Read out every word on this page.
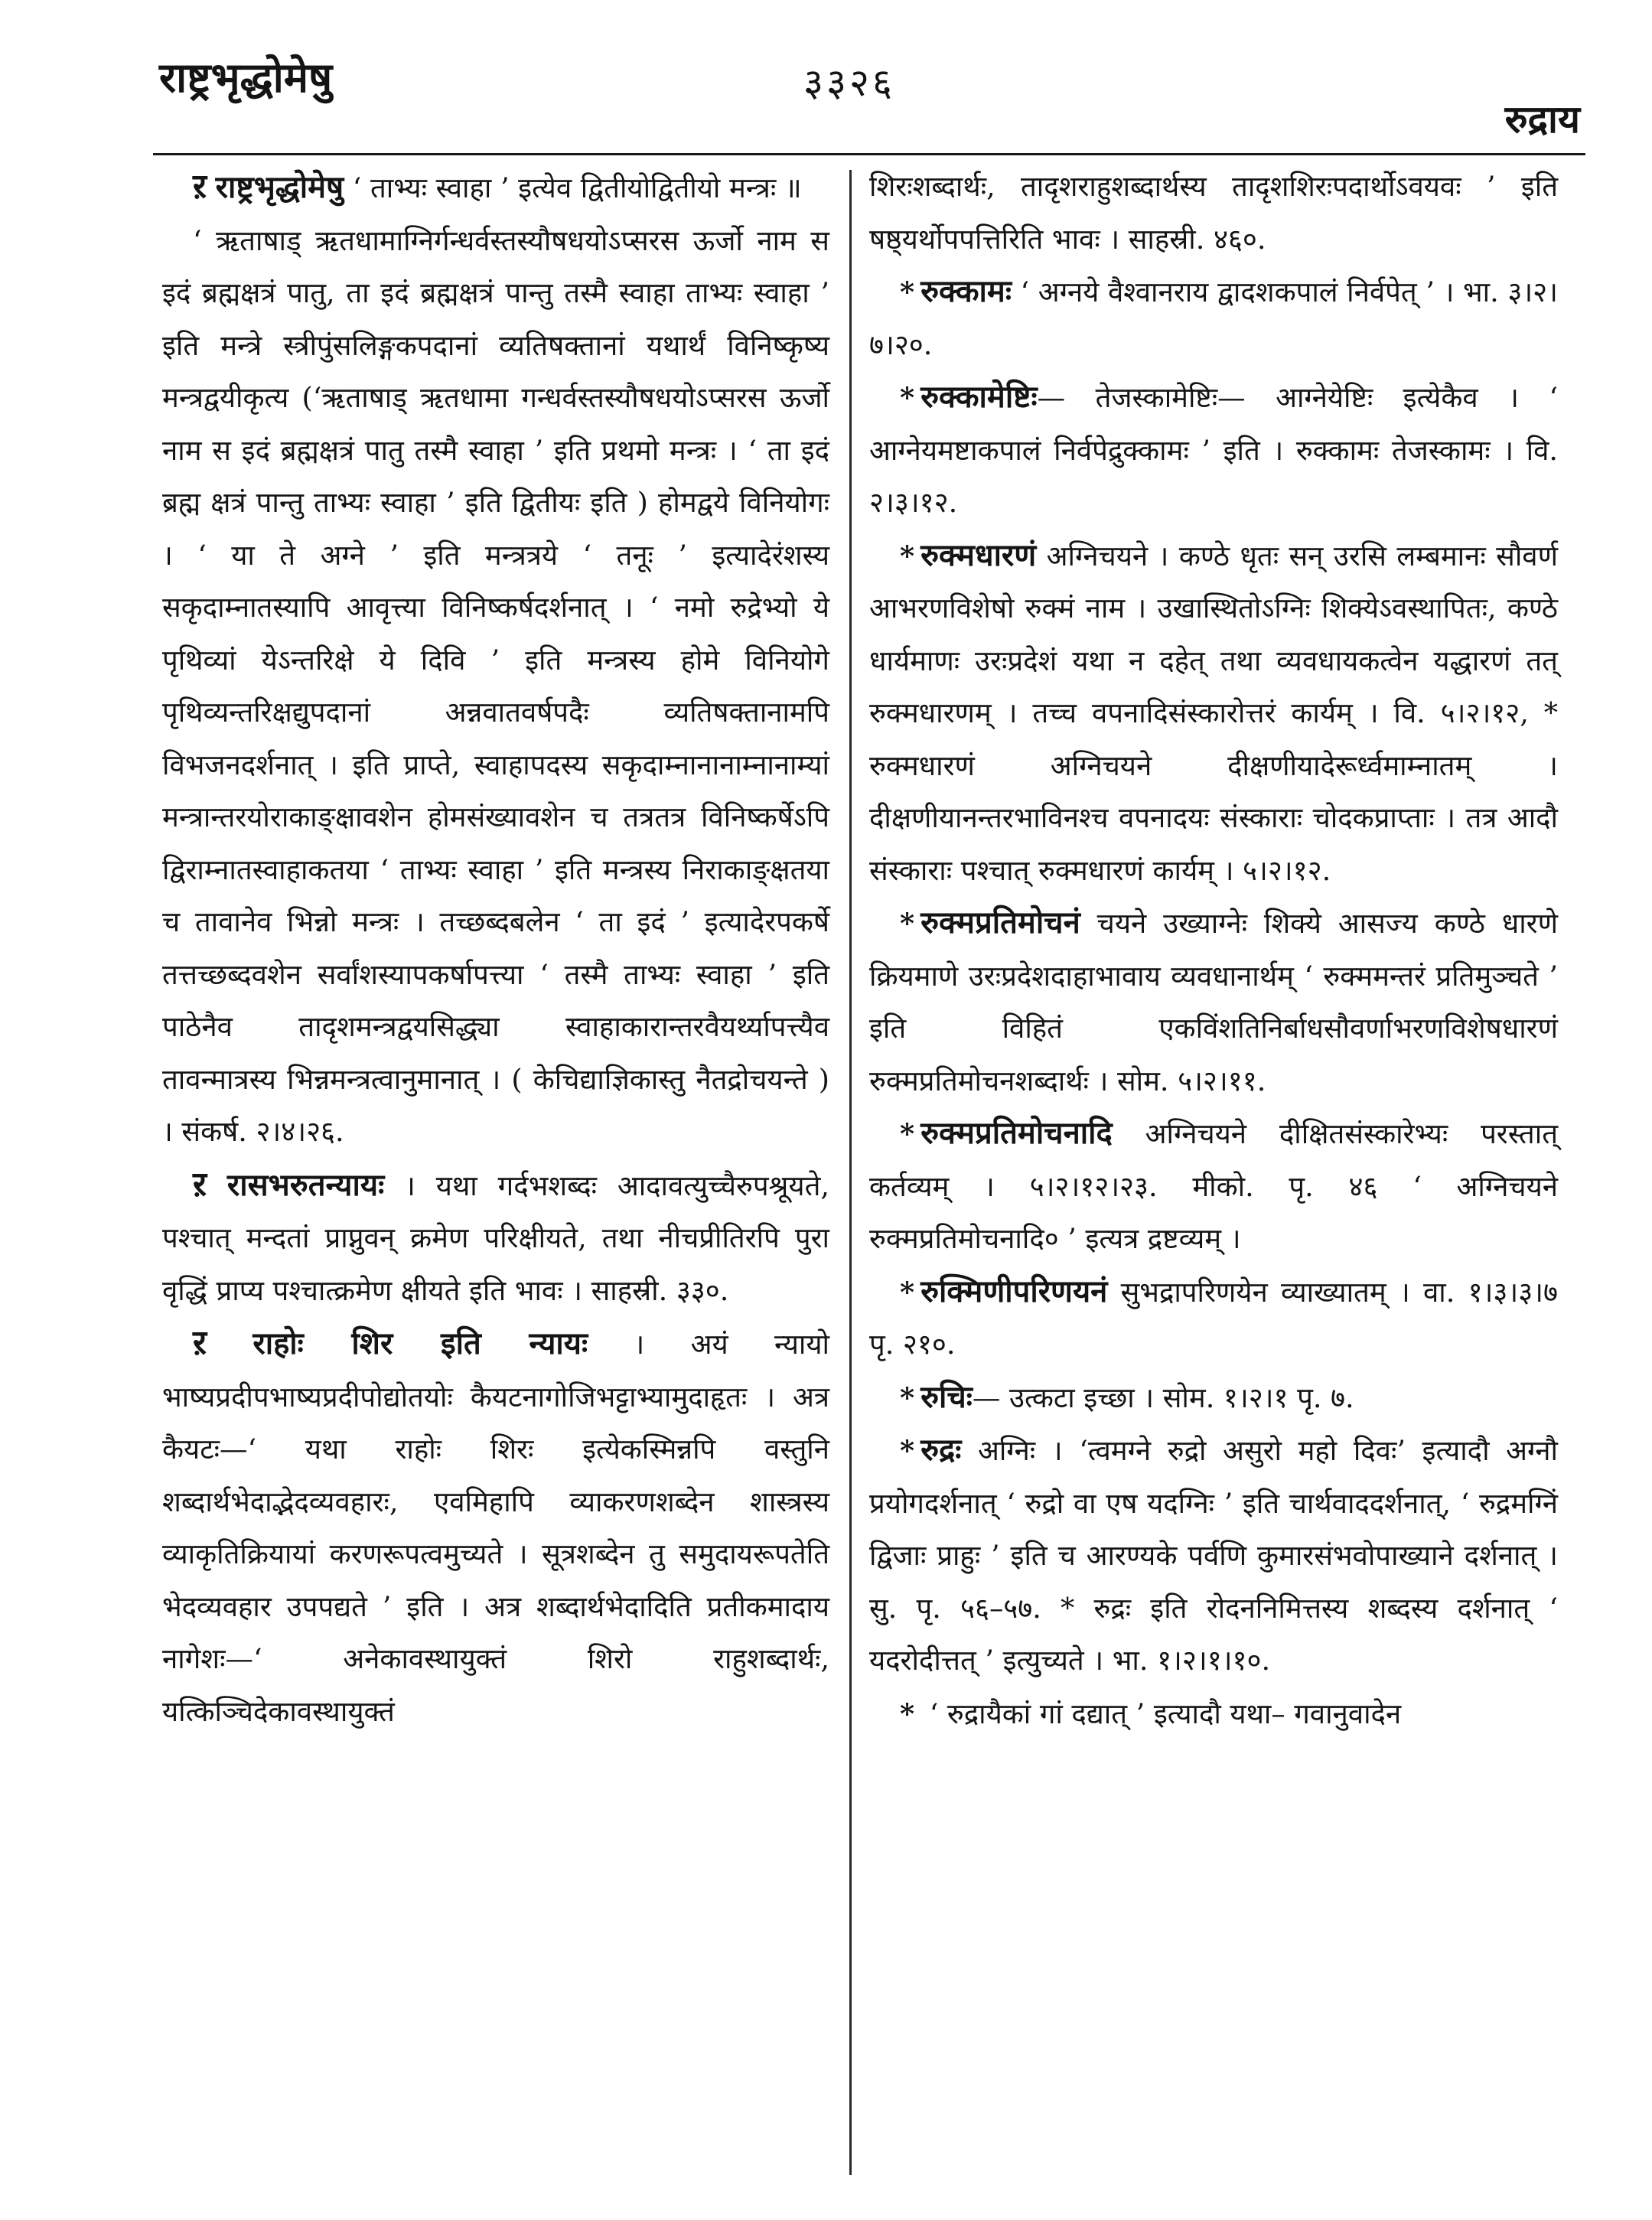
राष्ट्रभृद्धोमेषु	३३२६
रुद्राय

ऱ राष्ट्रभृद्धोमेषु ‘ ताभ्यः स्वाहा ’ इत्येव द्वितीयोद्वितीयो मन्त्रः ॥

‘ ऋताषाड् ऋतधामाग्निर्गन्धर्वस्तस्यौषधयोऽप्सरस ऊर्जो नाम स इदं ब्रह्मक्षत्रं पातु, ता इदं ब्रह्मक्षत्रं पान्तु तस्मै स्वाहा ताभ्यः स्वाहा ’ इति मन्त्रे स्त्रीपुंसलिङ्गकपदानां व्यतिषक्तानां यथार्थं विनिष्कृष्य मन्त्रद्वयीकृत्य (‘ऋताषाड् ऋतधामा गन्धर्वस्तस्यौषधयोऽप्सरस ऊर्जो नाम स इदं ब्रह्मक्षत्रं पातु तस्मै स्वाहा ’ इति प्रथमो मन्त्रः । ‘ ता इदं ब्रह्म क्षत्रं पान्तु ताभ्यः स्वाहा ’ इति द्वितीयः इति ) होमद्वये विनियोगः । ‘ या ते अग्ने ’ इति मन्त्रत्रये ‘ तनूः ’ इत्यादेरंशस्य सकृदाम्नातस्यापि आवृत्त्या विनिष्कर्षदर्शनात् । ‘ नमो रुद्रेभ्यो ये पृथिव्यां येऽन्तरिक्षे ये दिवि ’ इति मन्त्रस्य होमे विनियोगे पृथिव्यन्तरिक्षद्युपदानां अन्नवातवर्षपदैः व्यतिषक्तानामपि विभजनदर्शनात् । इति प्राप्ते, स्वाहापदस्य सकृदाम्नानानाम्नानाम्यां मन्त्रान्तरयोराकाङ्क्षावशेन होमसंख्यावशेन च तत्रतत्र विनिष्कर्षेऽपि द्विराम्नातस्वाहाकतया ‘ ताभ्यः स्वाहा ’ इति मन्त्रस्य निराकाङ्क्षतया च तावानेव भिन्नो मन्त्रः । तच्छब्दबलेन ‘ ता इदं ’ इत्यादेरपकर्षे तत्तच्छब्दवशेन सर्वांशस्यापकर्षापत्त्या ‘ तस्मै ताभ्यः स्वाहा ’ इति पाठेनैव तादृशमन्त्रद्वयसिद्ध्या स्वाहाकारान्तरवैयर्थ्यापत्त्यैव तावन्मात्रस्य भिन्नमन्त्रत्वानुमानात् । ( केचिद्याज्ञिकास्तु नैतद्रोचयन्ते ) । संकर्ष. २।४।२६.

ऱ रासभरुतन्यायः । यथा गर्दभशब्दः आदावत्युच्चैरुपश्रूयते, पश्चात् मन्दतां प्राप्नुवन् क्रमेण परिक्षीयते, तथा नीचप्रीतिरपि पुरा वृद्धिं प्राप्य पश्चात्क्रमेण क्षीयते इति भावः । साहस्री. ३३०.

ऱ राहोः शिर इति न्यायः । अयं न्यायो भाष्यप्रदीपभाष्यप्रदीपोद्योतयोः कैयटनागोजिभट्टाभ्यामुदाहृतः । अत्र कैयटः—‘ यथा राहोः शिरः इत्येकस्मिन्नपि वस्तुनि शब्दार्थभेदाद्भेदव्यवहारः, एवमिहापि व्याकरणशब्देन शास्त्रस्य व्याकृतिक्रियायां करणरूपत्वमुच्यते । सूत्रशब्देन तु समुदायरूपतेति भेदव्यवहार उपपद्यते ’ इति । अत्र शब्दार्थभेदादिति प्रतीकमादाय नागेशः—‘ अनेकावस्थायुक्तं शिरो राहुशब्दार्थः, यत्किञ्चिदेकावस्थायुक्तं

शिरःशब्दार्थः, तादृशराहुशब्दार्थस्य तादृशशिरःपदार्थोऽवयवः ’ इति षष्ठ्यर्थोपपत्तिरिति भावः । साहस्री. ४६०.

* रुक्कामः ‘ अग्नये वैश्वानराय द्वादशकपालं निर्वपेत् ’ । भा. ३।२।७।२०.

* रुक्कामेष्टिः— तेजस्कामेष्टिः— आग्नेयेष्टिः इत्येकैव । ‘ आग्नेयमष्टाकपालं निर्वपेद्रुक्कामः ’ इति । रुक्कामः तेजस्कामः । वि. २।३।१२.

* रुक्मधारणं अग्निचयने । कण्ठे धृतः सन् उरसि लम्बमानः सौवर्ण आभरणविशेषो रुक्मं नाम । उखास्थितोऽग्निः शिक्येऽवस्थापितः, कण्ठे धार्यमाणः उरःप्रदेशं यथा न दहेत् तथा व्यवधायकत्वेन यद्धारणं तत् रुक्मधारणम् । तच्च वपनादिसंस्कारोत्तरं कार्यम् । वि. ५।२।१२, * रुक्मधारणं अग्निचयने दीक्षणीयादेरूर्ध्वमाम्नातम् । दीक्षणीयानन्तरभाविनश्च वपनादयः संस्काराः चोदकप्राप्ताः । तत्र आदौ संस्काराः पश्चात् रुक्मधारणं कार्यम् । ५।२।१२.

* रुक्मप्रतिमोचनं चयने उख्याग्नेः शिक्ये आसज्य कण्ठे धारणे क्रियमाणे उरःप्रदेशदाहाभावाय व्यवधानार्थम् ‘ रुक्ममन्तरं प्रतिमुञ्चते ’ इति विहितं एकविंशतिनिर्बाधसौवर्णाभरणविशेषधारणं रुक्मप्रतिमोचनशब्दार्थः । सोम. ५।२।११.

* रुक्मप्रतिमोचनादि अग्निचयने दीक्षितसंस्कारेभ्यः परस्तात् कर्तव्यम् । ५।२।१२।२३. मीको. पृ. ४६ ‘ अग्निचयने रुक्मप्रतिमोचनादि० ’ इत्यत्र द्रष्टव्यम् ।

* रुक्मिणीपरिणयनं सुभद्रापरिणयेन व्याख्यातम् । वा. १।३।३।७ पृ. २१०.

* रुचिः— उत्कटा इच्छा । सोम. १।२।१ पृ. ७.

* रुद्रः अग्निः । ‘त्वमग्ने रुद्रो असुरो महो दिवः’ इत्यादौ अग्नौ प्रयोगदर्शनात् ‘ रुद्रो वा एष यदग्निः ’ इति चार्थवाददर्शनात्, ‘ रुद्रमग्निं द्विजाः प्राहुः ’ इति च आरण्यके पर्वणि कुमारसंभवोपाख्याने दर्शनात् । सु. पृ. ५६–५७. * रुद्रः इति रोदननिमित्तस्य शब्दस्य दर्शनात् ‘ यदरोदीत्तत् ’ इत्युच्यते । भा. १।२।१।१०.

* ‘ रुद्रायैकां गां दद्यात् ’ इत्यादौ यथा– गवानुवादेन
